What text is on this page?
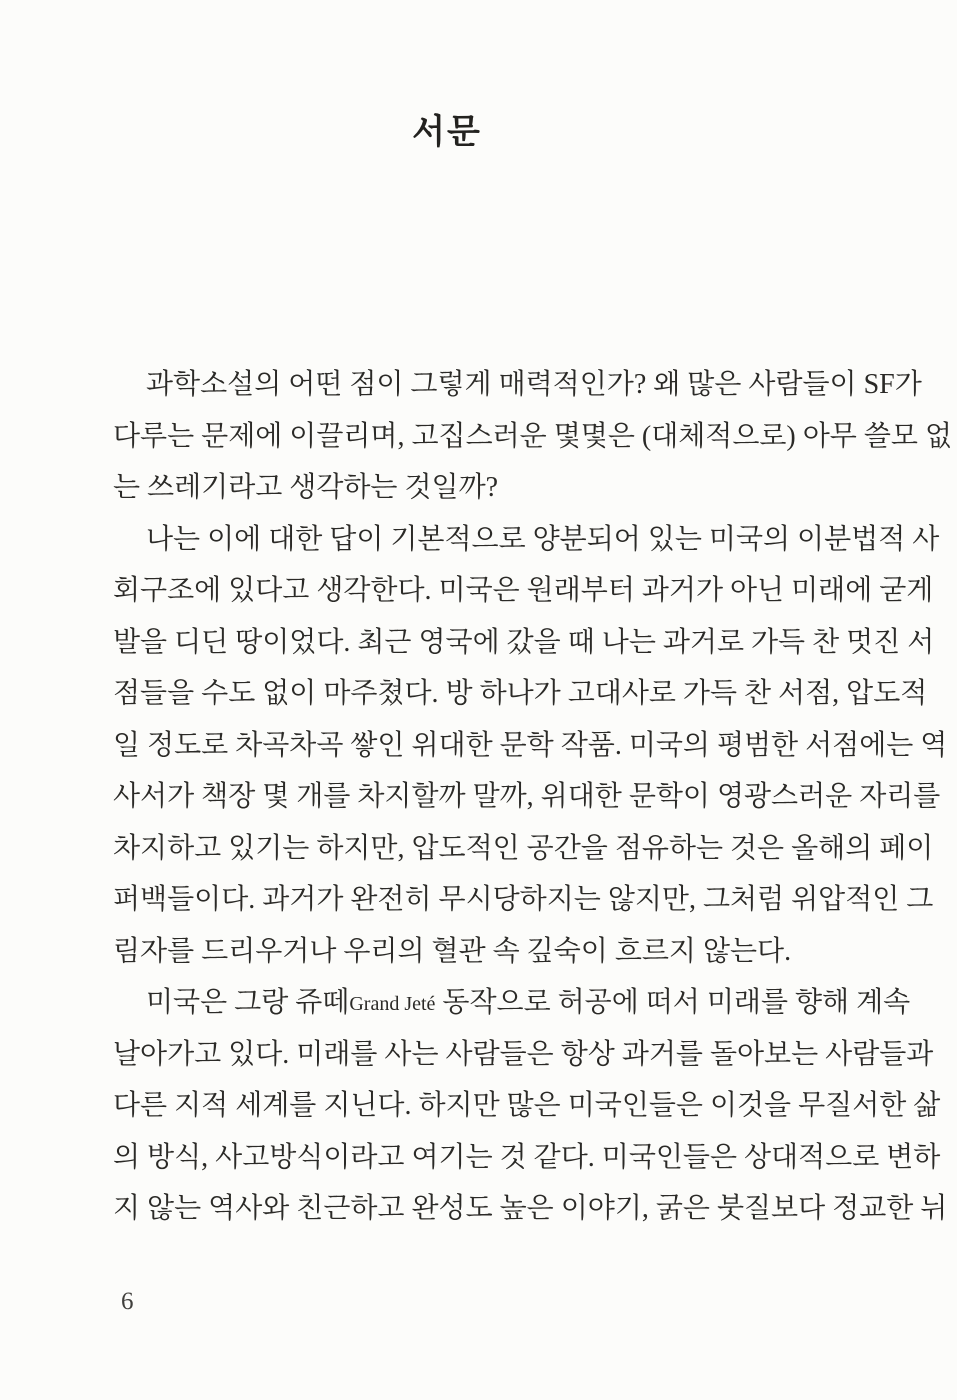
서문
과학소설의 어떤 점이 그렇게 매력적인가? 왜 많은 사람들이 SF가
다루는 문제에 이끌리며, 고집스러운 몇몇은 (대체적으로) 아무 쓸모 없
는 쓰레기라고 생각하는 것일까?
나는 이에 대한 답이 기본적으로 양분되어 있는 미국의 이분법적 사
회구조에 있다고 생각한다. 미국은 원래부터 과거가 아닌 미래에 굳게
발을 디딘 땅이었다. 최근 영국에 갔을 때 나는 과거로 가득 찬 멋진 서
점들을 수도 없이 마주쳤다. 방 하나가 고대사로 가득 찬 서점, 압도적
일 정도로 차곡차곡 쌓인 위대한 문학 작품. 미국의 평범한 서점에는 역
사서가 책장 몇 개를 차지할까 말까, 위대한 문학이 영광스러운 자리를
차지하고 있기는 하지만, 압도적인 공간을 점유하는 것은 올해의 페이
퍼백들이다. 과거가 완전히 무시당하지는 않지만, 그처럼 위압적인 그
림자를 드리우거나 우리의 혈관 속 깊숙이 흐르지 않는다.
미국은 그랑 쥬떼Grand Jeté 동작으로 허공에 떠서 미래를 향해 계속
날아가고 있다. 미래를 사는 사람들은 항상 과거를 돌아보는 사람들과
다른 지적 세계를 지닌다. 하지만 많은 미국인들은 이것을 무질서한 삶
의 방식, 사고방식이라고 여기는 것 같다. 미국인들은 상대적으로 변하
지 않는 역사와 친근하고 완성도 높은 이야기, 굵은 붓질보다 정교한 뉘
6
